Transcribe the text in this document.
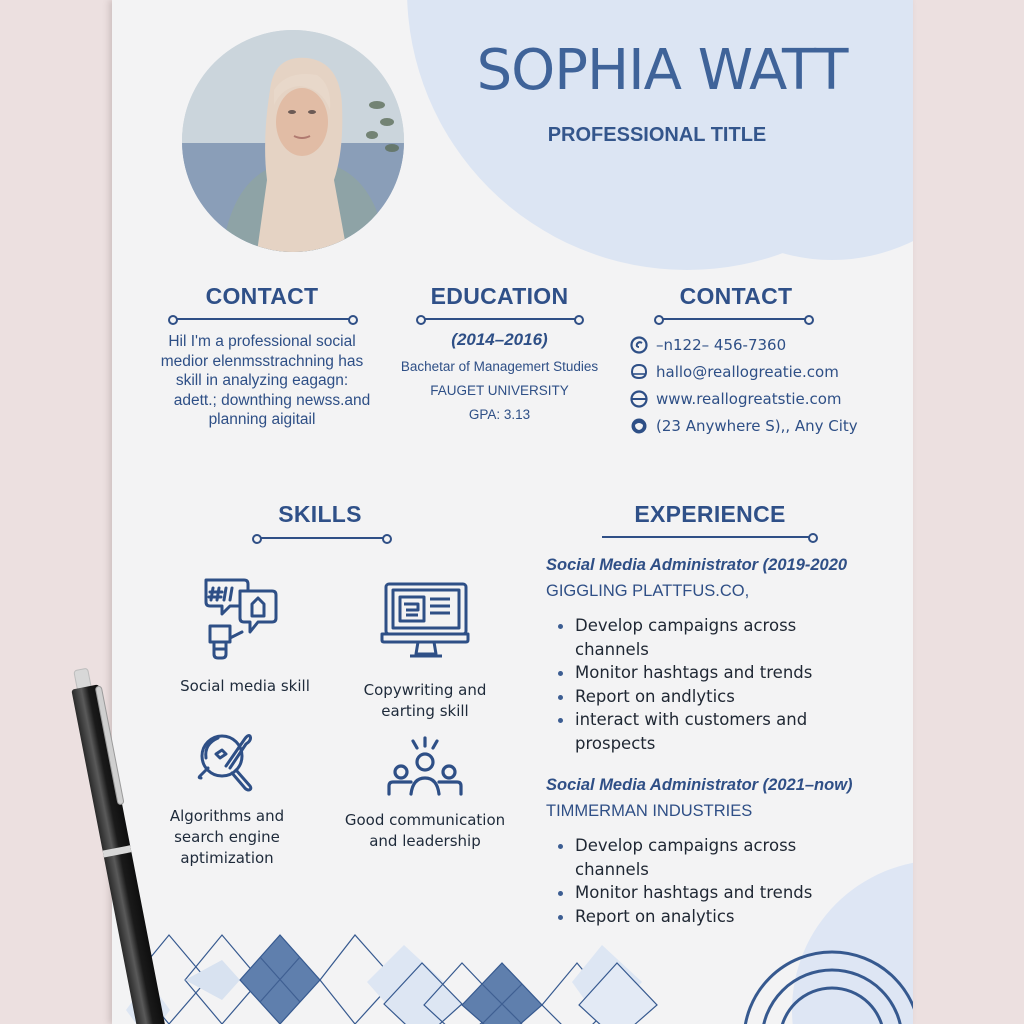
SOPHIA WATT
PROFESSIONAL TITLE
CONTACT
Hil I'm a professional social
medior elenmsstrachning has
skill in analyzing eagagn:
adett.; downthing newss.and
planning aigitail
EDUCATION
(2014–2016)
Bachetar of Managemert Studies
FAUGET UNIVERSITY
GPA: 3.13
CONTACT
–n122– 456-7360
hallo@reallogreatie.com
www.reallogreatstie.com
(23 Anywhere S),, Any City
SKILLS
Social media skill	Copywriting and
earting skill
Algorithms and
search engine
aptimization
Good communication
and leadership
EXPERIENCE
Social Media Administrator (2019-2020
GIGGLING PLATTFUS.CO,
Develop campaigns across
channels
Monitor hashtags and trends
Report on andlytics
interact with customers and
prospects
Social Media Administrator (2021–now)
TIMMERMAN INDUSTRIES
Develop campaigns across
channels
Monitor hashtags and trends
Report on analytics
